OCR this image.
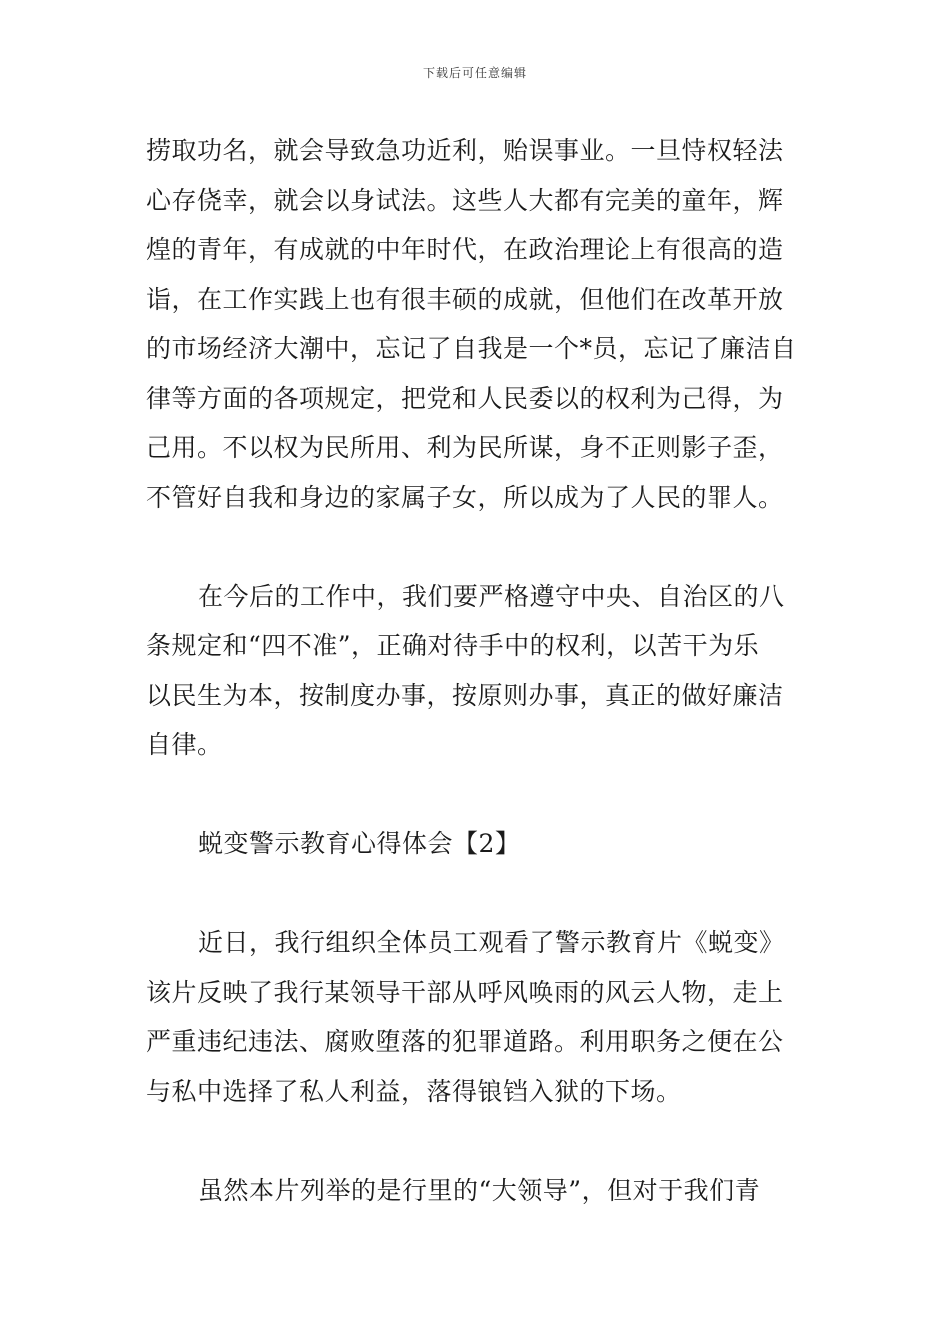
下载后可任意编辑
捞取功名，就会导致急功近利，贻误事业。一旦恃权轻法
心存侥幸，就会以身试法。这些人大都有完美的童年，辉
煌的青年，有成就的中年时代，在政治理论上有很高的造
诣，在工作实践上也有很丰硕的成就，但他们在改革开放
的市场经济大潮中，忘记了自我是一个*员，忘记了廉洁自
律等方面的各项规定，把党和人民委以的权利为己得，为
己用。不以权为民所用、利为民所谋，身不正则影子歪，
不管好自我和身边的家属子女，所以成为了人民的罪人。
在今后的工作中，我们要严格遵守中央、自治区的八
条规定和“四不准”，正确对待手中的权利，以苦干为乐
以民生为本，按制度办事，按原则办事，真正的做好廉洁
自律。
蜕变警示教育心得体会【2】
近日，我行组织全体员工观看了警示教育片《蜕变》
该片反映了我行某领导干部从呼风唤雨的风云人物，走上
严重违纪违法、腐败堕落的犯罪道路。利用职务之便在公
与私中选择了私人利益，落得锒铛入狱的下场。
虽然本片列举的是行里的“大领导”，但对于我们青
